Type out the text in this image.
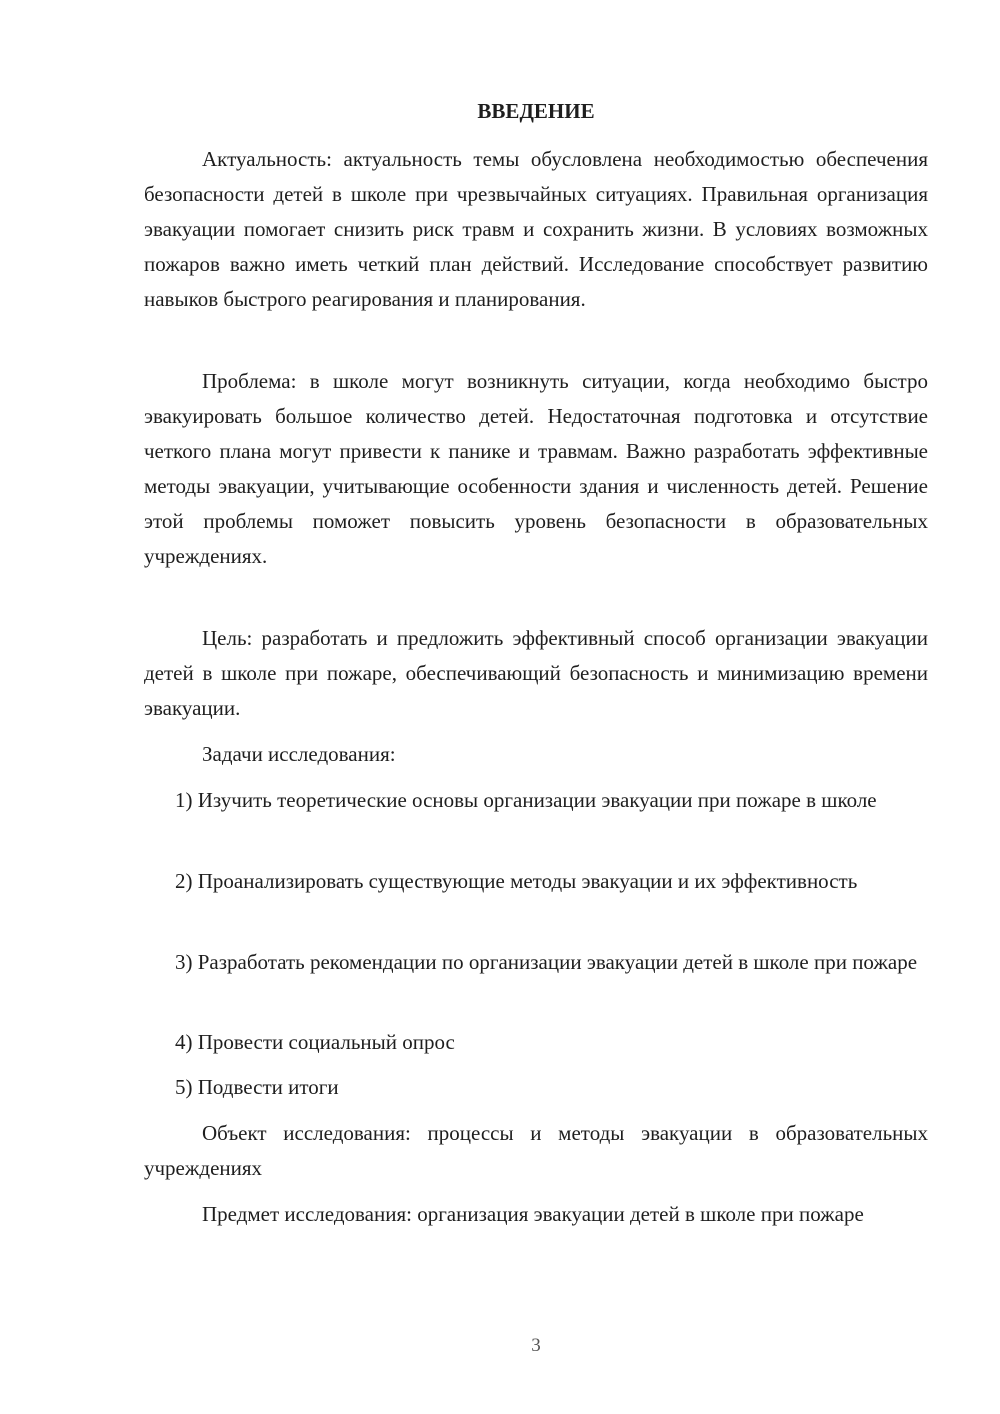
ВВЕДЕНИЕ

Актуальность: актуальность темы обусловлена необходимостью обеспечения безопасности детей в школе при чрезвычайных ситуациях. Правильная организация эвакуации помогает снизить риск травм и сохранить жизни. В условиях возможных пожаров важно иметь четкий план действий. Исследование способствует развитию навыков быстрого реагирования и планирования.

Проблема: в школе могут возникнуть ситуации, когда необходимо быстро эвакуировать большое количество детей. Недостаточная подготовка и отсутствие четкого плана могут привести к панике и травмам. Важно разработать эффективные методы эвакуации, учитывающие особенности здания и численность детей. Решение этой проблемы поможет повысить уровень безопасности в образовательных учреждениях.

Цель: разработать и предложить эффективный способ организации эвакуации детей в школе при пожаре, обеспечивающий безопасность и минимизацию времени эвакуации.

Задачи исследования:

1) Изучить теоретические основы организации эвакуации при пожаре в школе

2) Проанализировать существующие методы эвакуации и их эффективность

3) Разработать рекомендации по организации эвакуации детей в школе при пожаре

4) Провести социальный опрос

5) Подвести итоги

Объект исследования: процессы и методы эвакуации в образовательных учреждениях

Предмет исследования: организация эвакуации детей в школе при пожаре

3
